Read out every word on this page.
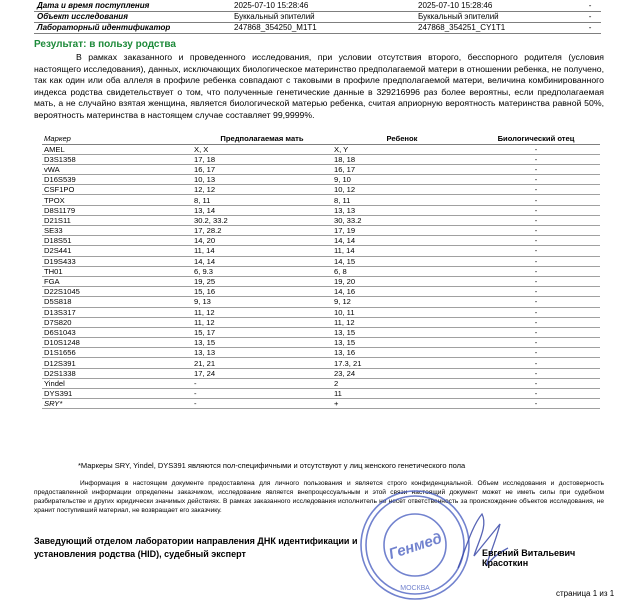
Дата и время поступления	2025-07-10 15:28:46	2025-07-10 15:28:46	-
Объект исследования	Буккальный эпителий	Буккальный эпителий	-
Лабораторный идентификатор	247868_354250_M1T1	247868_354251_CY1T1	-
Результат: в пользу родства
В рамках заказанного и проведенного исследования, при условии отсутствия второго, бесспорного родителя (условия настоящего исследования), данных, исключающих биологическое материнство предполагаемой матери в отношении ребенка, не получено, так как один или оба аллеля в профиле ребенка совпадают с таковыми в профиле предполагаемой матери, величина комбинированного индекса родства свидетельствует о том, что полученные генетические данные в 329216996 раз более вероятны, если предполагаемая мать, а не случайно взятая женщина, является биологической матерью ребенка, считая априорную вероятность материнства равной 50%, вероятность материнства в настоящем случае составляет 99,9999%.
Маркер	Предполагаемая мать	Ребенок	Биологический отец
AMEL	X, X	X, Y	-
D3S1358	17, 18	18, 18	-
vWA	16, 17	16, 17	-
D16S539	10, 13	9, 10	-
CSF1PO	12, 12	10, 12	-
TPOX	8, 11	8, 11	-
D8S1179	13, 14	13, 13	-
D21S11	30.2, 33.2	30, 33.2	-
SE33	17, 28.2	17, 19	-
D18S51	14, 20	14, 14	-
D2S441	11, 14	11, 14	-
D19S433	14, 14	14, 15	-
TH01	6, 9.3	6, 8	-
FGA	19, 25	19, 20	-
D22S1045	15, 16	14, 16	-
D5S818	9, 13	9, 12	-
D13S317	11, 12	10, 11	-
D7S820	11, 12	11, 12	-
D6S1043	15, 17	13, 15	-
D10S1248	13, 15	13, 15	-
D1S1656	13, 13	13, 16	-
D12S391	21, 21	17.3, 21	-
D2S1338	17, 24	23, 24	-
Yindel	-	2	-
DYS391	-	11	-
SRY*	-	+	-
*Маркеры SRY, Yindel, DYS391 являются пол-специфичными и отсутствуют у лиц женского генетического пола
Информация в настоящем документе предоставлена для личного пользования и является строго конфиденциальной. Объем исследования и достоверность предоставленной информации определены заказчиком, исследование является внепроцессуальным и этой связи настоящий документ может не иметь силы при судебном разбирательстве и других юридически значимых действиях. В рамках заказанного исследования исполнитель не несет ответственность за происхождение объектов исследования, не хранит поступивший материал, не возвращает его заказчику.
Генмед
МОСКВА
Заведующий отделом лаборатории направления ДНК идентификации и установления родства (HID), судебный эксперт	Евгений Витальевич Красоткин
страница 1 из 1
